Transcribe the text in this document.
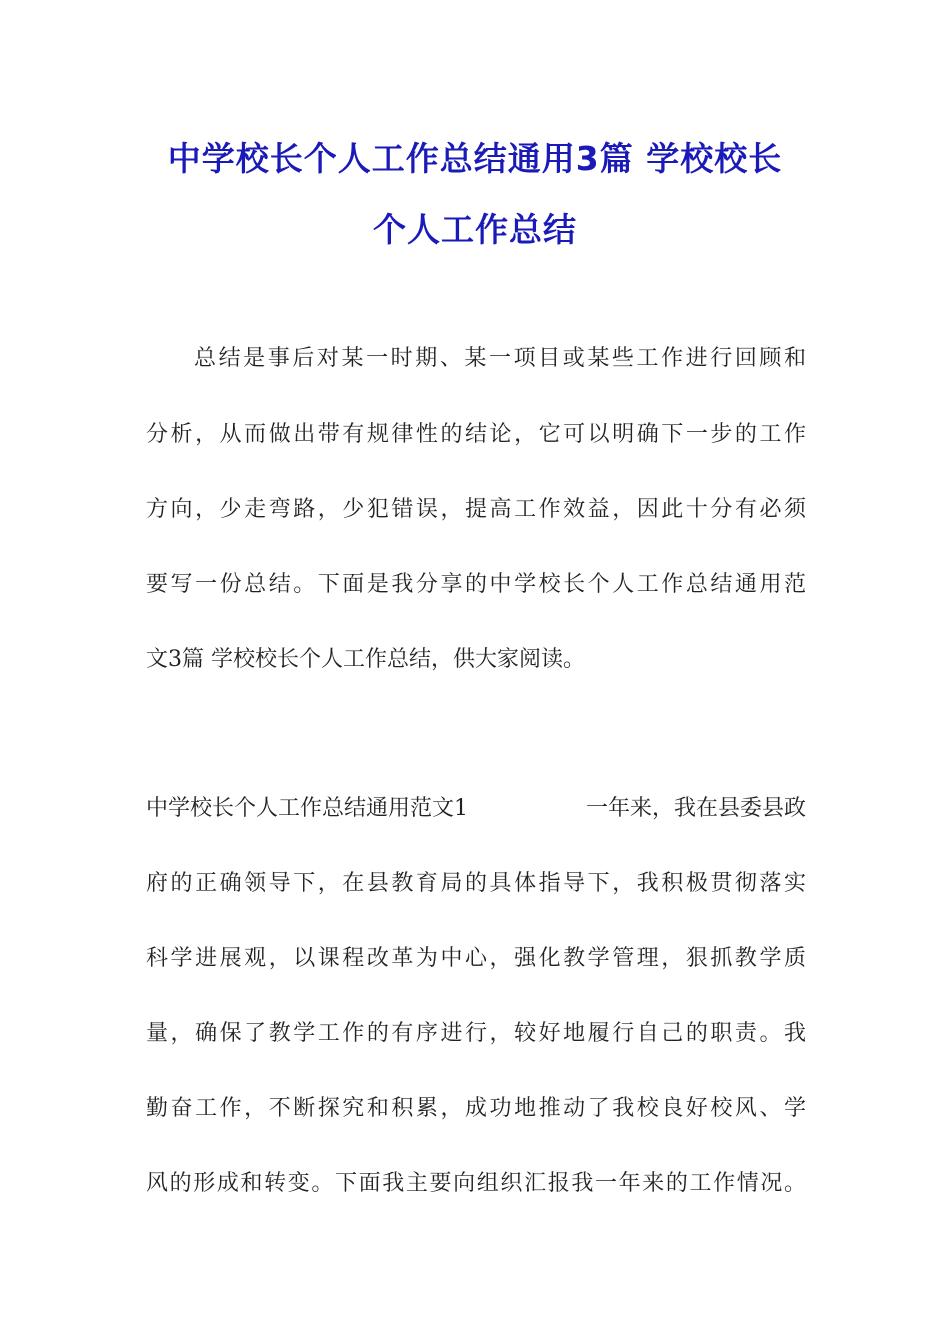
中学校长个人工作总结通用3篇 学校校长
个人工作总结

总结是事后对某一时期、某一项目或某些工作进行回顾和

分析，从而做出带有规律性的结论，它可以明确下一步的工作

方向，少走弯路，少犯错误，提高工作效益，因此十分有必须

要写一份总结。下面是我分享的中学校长个人工作总结通用范

文3篇 学校校长个人工作总结，供大家阅读。

中学校长个人工作总结通用范文1	一年来，我在县委县政

府的正确领导下，在县教育局的具体指导下，我积极贯彻落实

科学进展观，以课程改革为中心，强化教学管理，狠抓教学质

量，确保了教学工作的有序进行，较好地履行自己的职责。我

勤奋工作，不断探究和积累，成功地推动了我校良好校风、学

风的形成和转变。下面我主要向组织汇报我一年来的工作情况。
